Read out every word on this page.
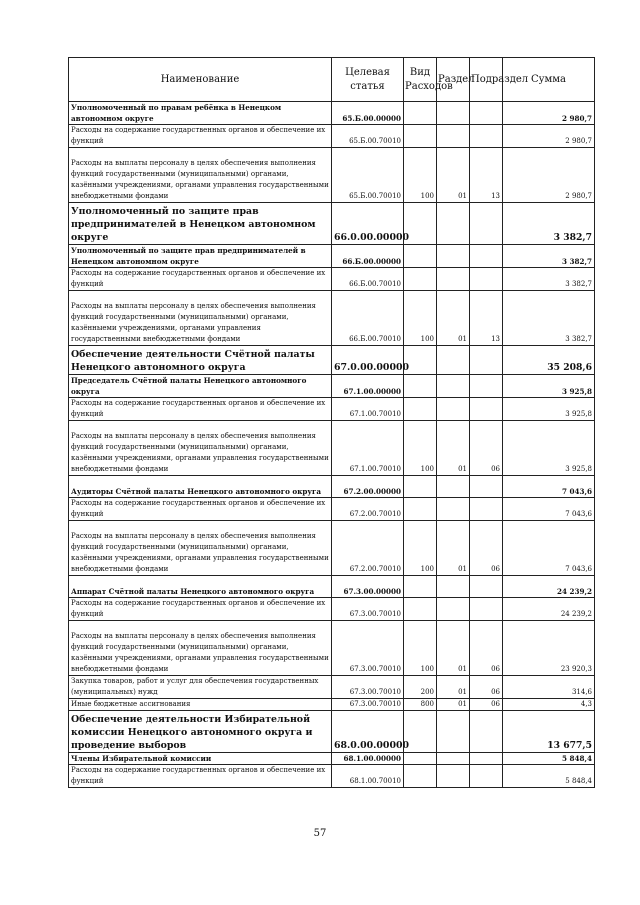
Наименование	Целевая статья	Вид Расходов	Раздел	Подраздел	Сумма
Уполномоченный по правам ребёнка в Ненецком автономном округе	65.Б.00.00000				2 980,7
Расходы на содержание государственных органов и обеспечение их функций	65.Б.00.70010				2 980,7
Расходы на выплаты персоналу в целях обеспечения выполнения функций государственными (муниципальными) органами, казёнными учреждениями, органами управления государственными внебюджетными фондами	65.Б.00.70010	100	01	13	2 980,7
Уполномоченный по защите прав предпринимателей в Ненецком автономном округе	66.0.00.00000				3 382,7
Уполномоченный по защите прав предпринимателей в Ненецком автономном округе	66.Б.00.00000				3 382,7
Расходы на содержание государственных органов и обеспечение их функций	66.Б.00.70010				3 382,7
Расходы на выплаты персоналу в целях обеспечения выполнения функций государственными (муниципальными) органами, казённыеми учреждениями, органами управления государственными внебюджетными фондами	66.Б.00.70010	100	01	13	3 382,7
Обеспечение деятельности Счётной палаты Ненецкого автономного округа	67.0.00.00000				35 208,6
Председатель Счётной палаты Ненецкого автономного округа	67.1.00.00000				3 925,8
Расходы на содержание государственных органов и обеспечение их функций	67.1.00.70010				3 925,8
Расходы на выплаты персоналу в целях обеспечения выполнения функций государственными (муниципальными) органами, казёнными учреждениями, органами управления государственными внебюджетными фондами	67.1.00.70010	100	01	06	3 925,8
Аудиторы Счётной палаты Ненецкого автономного округа	67.2.00.00000				7 043,6
Расходы на содержание государственных органов и обеспечение их функций	67.2.00.70010				7 043,6
Расходы на выплаты персоналу в целях обеспечения выполнения функций государственными (муниципальными) органами, казёнными учреждениями, органами управления государственными внебюджетными фондами	67.2.00.70010	100	01	06	7 043,6
Аппарат Счётной палаты Ненецкого автономного округа	67.3.00.00000				24 239,2
Расходы на содержание государственных органов и обеспечение их функций	67.3.00.70010				24 239,2
Расходы на выплаты персоналу в целях обеспечения выполнения функций государственными (муниципальными) органами, казёнными учреждениями, органами управления государственными внебюджетными фондами	67.3.00.70010	100	01	06	23 920,3
Закупка товаров, работ и услуг для обеспечения государственных (муниципальных) нужд	67.3.00.70010	200	01	06	314,6
Иные бюджетные ассигнования	67.3.00.70010	800	01	06	4,3
Обеспечение деятельности Избирательной комиссии Ненецкого автономного округа и проведение выборов	68.0.00.00000				13 677,5
Члены Избирательной комиссии	68.1.00.00000				5 848,4
Расходы на содержание государственных органов и обеспечение их функций	68.1.00.70010				5 848,4
57
